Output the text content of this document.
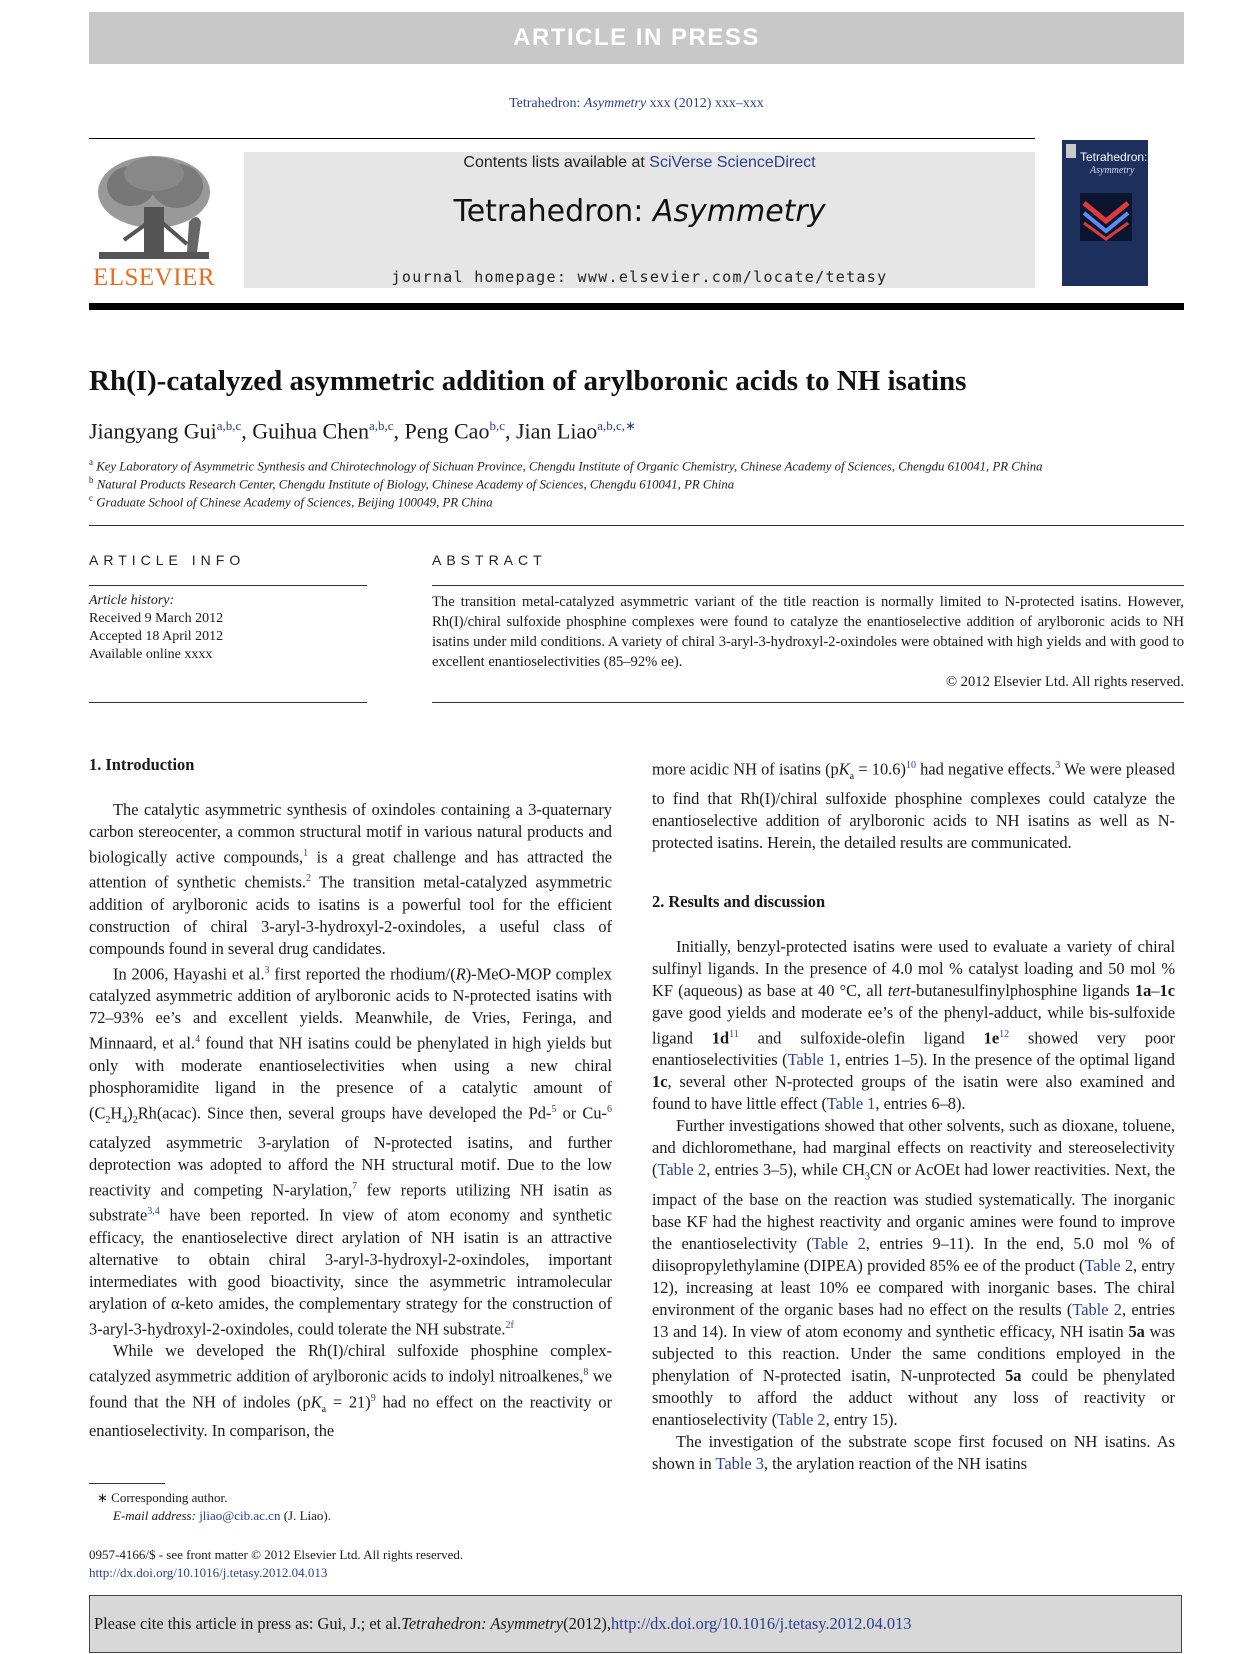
ARTICLE IN PRESS
Tetrahedron: Asymmetry xxx (2012) xxx–xxx
ELSEVIER
Contents lists available at SciVerse ScienceDirect
Tetrahedron: Asymmetry
journal homepage: www.elsevier.com/locate/tetasy
Tetrahedron:
Asymmetry
Rh(I)-catalyzed asymmetric addition of arylboronic acids to NH isatins
Jiangyang Gui$^{a,b,c}$, Guihua Chen$^{a,b,c}$, Peng Cao$^{b,c}$, Jian Liao$^{a,b,c,∗}$
$^a$ Key Laboratory of Asymmetric Synthesis and Chirotechnology of Sichuan Province, Chengdu Institute of Organic Chemistry, Chinese Academy of Sciences, Chengdu 610041, PR China
$^b$ Natural Products Research Center, Chengdu Institute of Biology, Chinese Academy of Sciences, Chengdu 610041, PR China
$^c$ Graduate School of Chinese Academy of Sciences, Beijing 100049, PR China
ARTICLE INFO	ABSTRACT
Article history:
Received 9 March 2012
Accepted 18 April 2012
Available online xxxx
The transition metal-catalyzed asymmetric variant of the title reaction is normally limited to N-protected isatins. However, Rh(I)/chiral sulfoxide phosphine complexes were found to catalyze the enantioselective addition of arylboronic acids to NH isatins under mild conditions. A variety of chiral 3-aryl-3-hydroxyl-2-oxindoles were obtained with high yields and with good to excellent enantioselectivities (85–92% ee).
© 2012 Elsevier Ltd. All rights reserved.
1. Introduction

The catalytic asymmetric synthesis of oxindoles containing a 3-quaternary carbon stereocenter, a common structural motif in various natural products and biologically active compounds,$^1$ is a great challenge and has attracted the attention of synthetic chemists.$^2$ The transition metal-catalyzed asymmetric addition of arylboronic acids to isatins is a powerful tool for the efficient construction of chiral 3-aryl-3-hydroxyl-2-oxindoles, a useful class of compounds found in several drug candidates.

In 2006, Hayashi et al.$^3$ first reported the rhodium/(R)-MeO-MOP complex catalyzed asymmetric addition of arylboronic acids to N-protected isatins with 72–93% ee’s and excellent yields. Meanwhile, de Vries, Feringa, and Minnaard, et al.$^4$ found that NH isatins could be phenylated in high yields but only with moderate enantioselectivities when using a new chiral phosphoramidite ligand in the presence of a catalytic amount of $(C_2H_4)_2Rh(acac)$. Since then, several groups have developed the Pd-$^5$ or Cu-$^6$ catalyzed asymmetric 3-arylation of N-protected isatins, and further deprotection was adopted to afford the NH structural motif. Due to the low reactivity and competing N-arylation,$^7$ few reports utilizing NH isatin as substrate$^{3,4}$ have been reported. In view of atom economy and synthetic efficacy, the enantioselective direct arylation of NH isatin is an attractive alternative to obtain chiral 3-aryl-3-hydroxyl-2-oxindoles, important intermediates with good bioactivity, since the asymmetric intramolecular arylation of α-keto amides, the complementary strategy for the construction of 3-aryl-3-hydroxyl-2-oxindoles, could tolerate the NH substrate.$^{2f}$

While we developed the Rh(I)/chiral sulfoxide phosphine complex-catalyzed asymmetric addition of arylboronic acids to indolyl nitroalkenes,$^8$ we found that the NH of indoles $(pK_a = 21)^9$ had no effect on the reactivity or enantioselectivity. In comparison, the

more acidic NH of isatins $(pK_a = 10.6)^{10}$ had negative effects.$^3$ We were pleased to find that Rh(I)/chiral sulfoxide phosphine complexes could catalyze the enantioselective addition of arylboronic acids to NH isatins as well as N-protected isatins. Herein, the detailed results are communicated.

2. Results and discussion

Initially, benzyl-protected isatins were used to evaluate a variety of chiral sulfinyl ligands. In the presence of 4.0 mol % catalyst loading and 50 mol % KF (aqueous) as base at 40 °C, all tert-butanesulfinylphosphine ligands 1a–1c gave good yields and moderate ee’s of the phenyl-adduct, while bis-sulfoxide ligand $1d^{11}$ and sulfoxide-olefin ligand $1e^{12}$ showed very poor enantioselectivities (Table 1, entries 1–5). In the presence of the optimal ligand 1c, several other N-protected groups of the isatin were also examined and found to have little effect (Table 1, entries 6–8).

Further investigations showed that other solvents, such as dioxane, toluene, and dichloromethane, had marginal effects on reactivity and stereoselectivity (Table 2, entries 3–5), while $CH_3CN$ or AcOEt had lower reactivities. Next, the impact of the base on the reaction was studied systematically. The inorganic base KF had the highest reactivity and organic amines were found to improve the enantioselectivity (Table 2, entries 9–11). In the end, 5.0 mol % of diisopropylethylamine (DIPEA) provided 85% ee of the product (Table 2, entry 12), increasing at least 10% ee compared with inorganic bases. The chiral environment of the organic bases had no effect on the results (Table 2, entries 13 and 14). In view of atom economy and synthetic efficacy, NH isatin 5a was subjected to this reaction. Under the same conditions employed in the phenylation of N-protected isatin, N-unprotected 5a could be phenylated smoothly to afford the adduct without any loss of reactivity or enantioselectivity (Table 2, entry 15).

The investigation of the substrate scope first focused on NH isatins. As shown in Table 3, the arylation reaction of the NH isatins

∗ Corresponding author.
E-mail address: jliao@cib.ac.cn (J. Liao).
0957-4166/$ - see front matter © 2012 Elsevier Ltd. All rights reserved.
http://dx.doi.org/10.1016/j.tetasy.2012.04.013
Please cite this article in press as: Gui, J.; et al. Tetrahedron: Asymmetry (2012), http://dx.doi.org/10.1016/j.tetasy.2012.04.013
